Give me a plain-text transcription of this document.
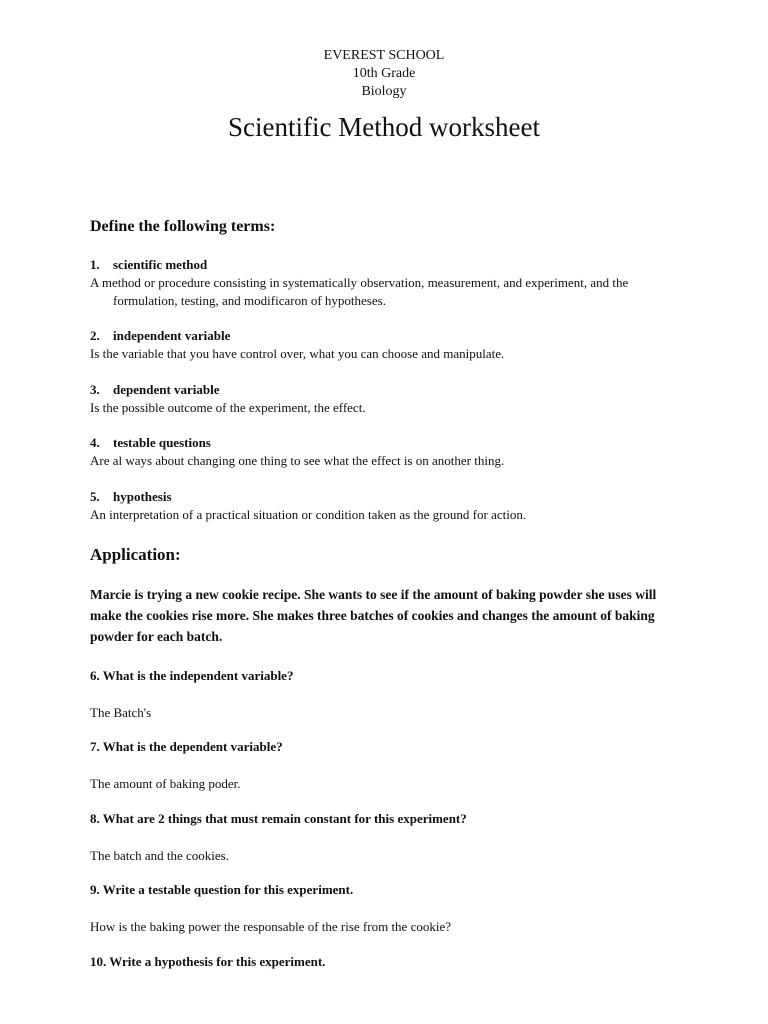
EVEREST SCHOOL
10th Grade
Biology
Scientific Method worksheet
Define the following terms:
1. scientific method
A method or procedure consisting in systematically observation, measurement, and experiment, and the formulation, testing, and modificaron of hypotheses.
2. independent variable
Is the variable that you have control over, what you can choose and manipulate.
3. dependent variable
Is the possible outcome of the experiment, the effect.
4. testable questions
Are al ways about changing one thing to see what the effect is on another thing.
5. hypothesis
An interpretation of a practical situation or condition taken as the ground for action.
Application:
Marcie is trying a new cookie recipe. She wants to see if the amount of baking powder she uses will make the cookies rise more. She makes three batches of cookies and changes the amount of baking powder for each batch.
6. What is the independent variable?
The Batch's
7. What is the dependent variable?
The amount of baking poder.
8. What are 2 things that must remain constant for this experiment?
The batch and the cookies.
9. Write a testable question for this experiment.
How is the baking power the responsable of the rise from the cookie?
10. Write a hypothesis for this experiment.
